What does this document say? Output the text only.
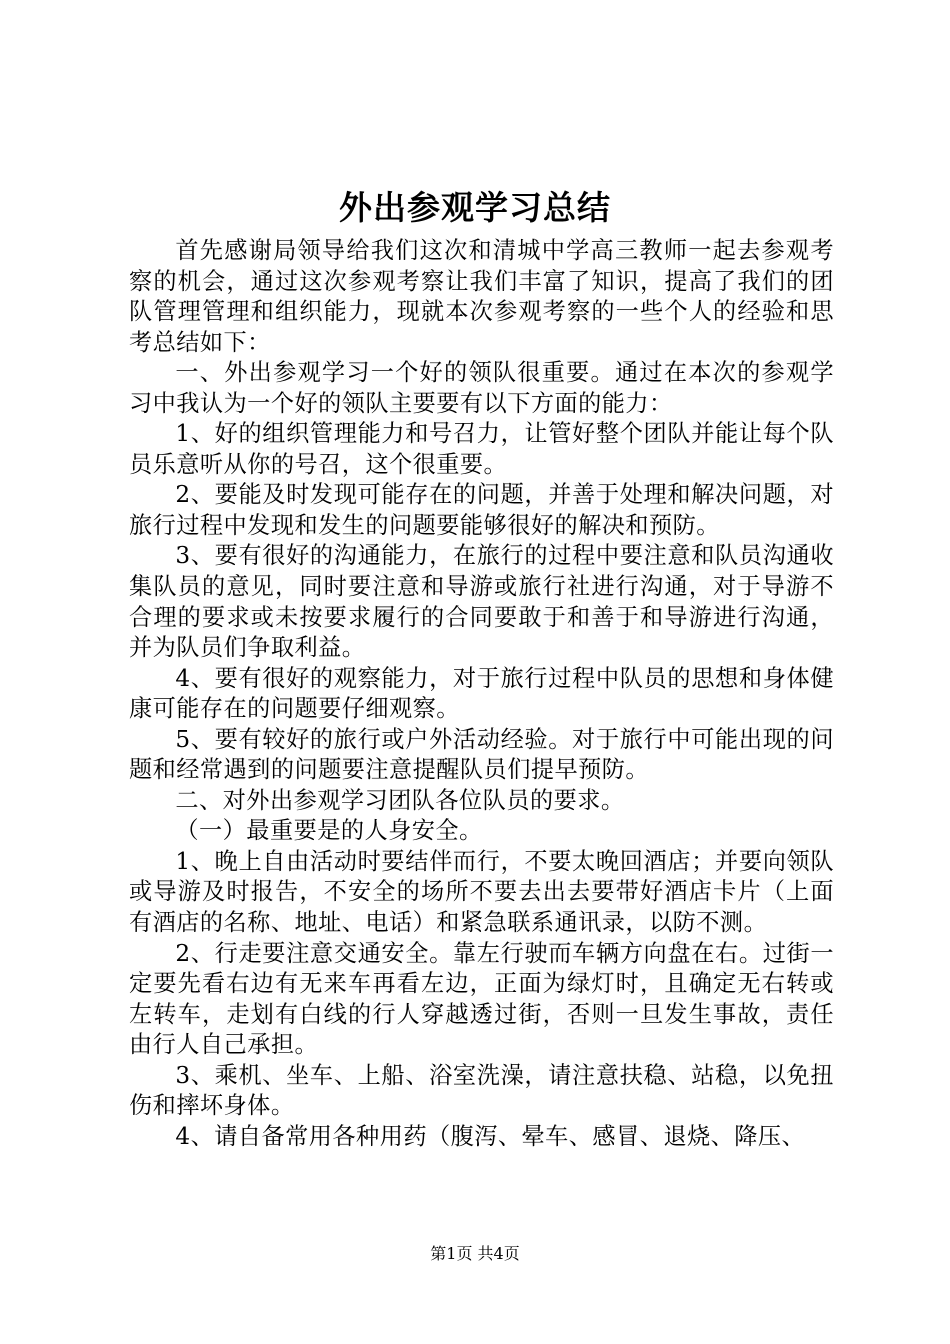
外出参观学习总结

首先感谢局领导给我们这次和清城中学高三教师一起去参观考察的机会，通过这次参观考察让我们丰富了知识，提高了我们的团队管理管理和组织能力，现就本次参观考察的一些个人的经验和思考总结如下：

一、外出参观学习一个好的领队很重要。通过在本次的参观学习中我认为一个好的领队主要要有以下方面的能力：

1、好的组织管理能力和号召力，让管好整个团队并能让每个队员乐意听从你的号召，这个很重要。

2、要能及时发现可能存在的问题，并善于处理和解决问题，对旅行过程中发现和发生的问题要能够很好的解决和预防。

3、要有很好的沟通能力，在旅行的过程中要注意和队员沟通收集队员的意见，同时要注意和导游或旅行社进行沟通，对于导游不合理的要求或未按要求履行的合同要敢于和善于和导游进行沟通，并为队员们争取利益。

4、要有很好的观察能力，对于旅行过程中队员的思想和身体健康可能存在的问题要仔细观察。

5、要有较好的旅行或户外活动经验。对于旅行中可能出现的问题和经常遇到的问题要注意提醒队员们提早预防。

二、对外出参观学习团队各位队员的要求。

（一）最重要是的人身安全。

1、晚上自由活动时要结伴而行，不要太晚回酒店；并要向领队或导游及时报告，不安全的场所不要去出去要带好酒店卡片（上面有酒店的名称、地址、电话）和紧急联系通讯录，以防不测。

2、行走要注意交通安全。靠左行驶而车辆方向盘在右。过街一定要先看右边有无来车再看左边，正面为绿灯时，且确定无右转或左转车，走划有白线的行人穿越透过街，否则一旦发生事故，责任由行人自己承担。

3、乘机、坐车、上船、浴室洗澡，请注意扶稳、站稳，以免扭伤和摔坏身体。

4、请自备常用各种用药（腹泻、晕车、感冒、退烧、降压、

第1页 共4页
